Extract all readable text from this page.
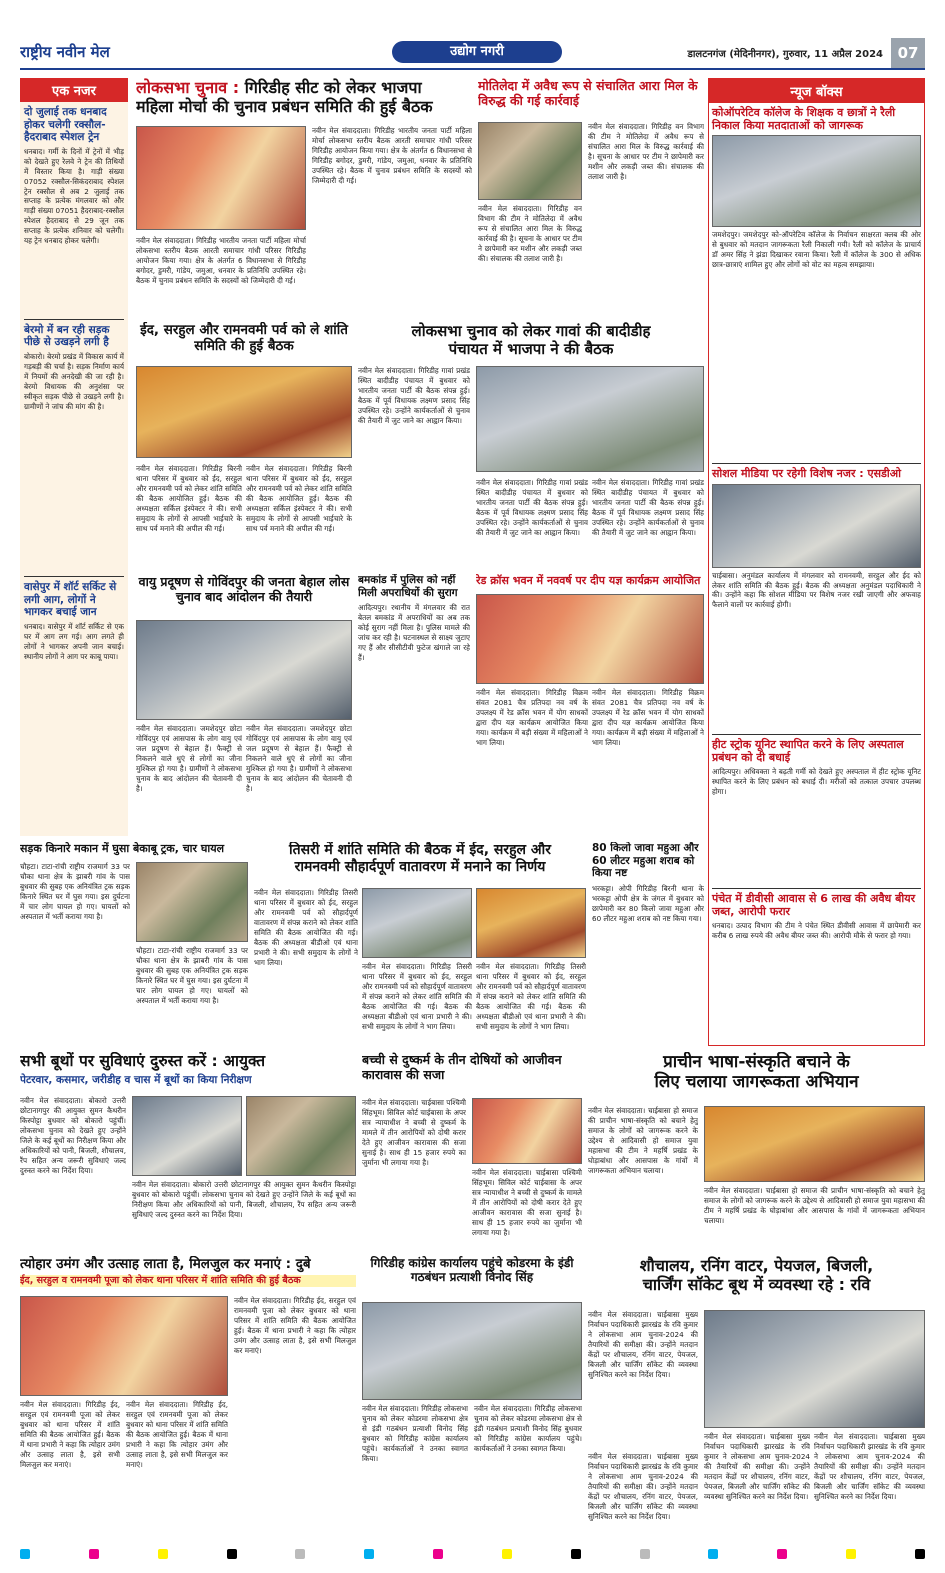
राष्ट्रीय नवीन मेल	उद्योग नगरी	डालटनगंज (मेदिनीनगर), गुरुवार, 11 अप्रैल 2024 07
एक नजर
दो जुलाई तक धनबाद होकर चलेगी रक्सौल-हैदराबाद स्पेशल ट्रेन
धनबाद। गर्मी के दिनों में ट्रेनों में भीड़ को देखते हुए रेलवे ने ट्रेन की तिथियों में विस्तार किया है। गाड़ी संख्या 07052 रक्सौल-सिकंदराबाद स्पेशल ट्रेन रक्सौल से अब 2 जुलाई तक सप्ताह के प्रत्येक मंगलवार को और गाड़ी संख्या 07051 हैदराबाद-रक्सौल स्पेशल हैदराबाद से 29 जून तक सप्ताह के प्रत्येक शनिवार को चलेगी। यह ट्रेन धनबाद होकर चलेगी।
बेरमो में बन रही सड़क पीछे से उखड़ने लगी है
बोकारो। बेरमो प्रखंड में विकास कार्य में गड़बड़ी की चर्चा है। सड़क निर्माण कार्य में नियमों की अनदेखी की जा रही है। बेरमो विधायक की अनुशंसा पर स्वीकृत सड़क पीछे से उखड़ने लगी है। ग्रामीणों ने जांच की मांग की है।
वासेपुर में शॉर्ट सर्किट से लगी आग, लोगों ने भागकर बचाई जान
धनबाद। वासेपुर में शॉर्ट सर्किट से एक घर में आग लग गई। आग लगते ही लोगों ने भागकर अपनी जान बचाई। स्थानीय लोगों ने आग पर काबू पाया।
लोकसभा चुनाव : गिरिडीह सीट को लेकर भाजपा
महिला मोर्चा की चुनाव प्रबंधन समिति की हुई बैठक
नवीन मेल संवाददाता। गिरिडीह भारतीय जनता पार्टी महिला मोर्चा लोकसभा स्तरीय बैठक आरती समाचार गांधी परिसर गिरिडीह आयोजन किया गया। क्षेत्र के अंतर्गत 6 विधानसभा से गिरिडीह बगोदर, डुमरी, गांडेय, जमुआ, धनवार के प्रतिनिधि उपस्थित रहे। बैठक में चुनाव प्रबंधन समिति के सदस्यों को जिम्मेदारी दी गई।
नवीन मेल संवाददाता। गिरिडीह भारतीय जनता पार्टी महिला मोर्चा लोकसभा स्तरीय बैठक आरती समाचार गांधी परिसर गिरिडीह आयोजन किया गया। क्षेत्र के अंतर्गत 6 विधानसभा से गिरिडीह बगोदर, डुमरी, गांडेय, जमुआ, धनवार के प्रतिनिधि उपस्थित रहे। बैठक में चुनाव प्रबंधन समिति के सदस्यों को जिम्मेदारी दी गई।
मोतिलेदा में अवैध रूप से संचालित आरा मिल के विरुद्ध की गई कार्रवाई
नवीन मेल संवाददाता। गिरिडीह वन विभाग की टीम ने मोतिलेदा में अवैध रूप से संचालित आरा मिल के विरुद्ध कार्रवाई की है। सूचना के आधार पर टीम ने छापेमारी कर मशीन और लकड़ी जब्त की। संचालक की तलाश जारी है।
नवीन मेल संवाददाता। गिरिडीह वन विभाग की टीम ने मोतिलेदा में अवैध रूप से संचालित आरा मिल के विरुद्ध कार्रवाई की है। सूचना के आधार पर टीम ने छापेमारी कर मशीन और लकड़ी जब्त की। संचालक की तलाश जारी है।
न्यूज बॉक्स
कोऑपरेटिव कॉलेज के शिक्षक व छात्रों ने रैली निकाल किया मतदाताओं को जागरूक
जमशेदपुर। जमशेदपुर को-ऑपरेटिव कॉलेज के निर्वाचन साक्षरता क्लब की ओर से बुधवार को मतदान जागरूकता रैली निकाली गयी। रैली को कॉलेज के प्राचार्य डॉ अमर सिंह ने झंडा दिखाकर रवाना किया। रैली में कॉलेज के 300 से अधिक छात्र-छात्राएं शामिल हुए और लोगों को वोट का महत्व समझाया।
सोशल मीडिया पर रहेगी विशेष नजर : एसडीओ
चाईबासा। अनुमंडल कार्यालय में मंगलवार को रामनवमी, सरहुल और ईद को लेकर शांति समिति की बैठक हुई। बैठक की अध्यक्षता अनुमंडल पदाधिकारी ने की। उन्होंने कहा कि सोशल मीडिया पर विशेष नजर रखी जाएगी और अफवाह फैलाने वालों पर कार्रवाई होगी।
हीट स्ट्रोक यूनिट स्थापित करने के लिए अस्पताल प्रबंधन को दी बधाई
आदित्यपुर। अधिवक्ता ने बढ़ती गर्मी को देखते हुए अस्पताल में हीट स्ट्रोक यूनिट स्थापित करने के लिए प्रबंधन को बधाई दी। मरीजों को तत्काल उपचार उपलब्ध होगा।
पंचेत में डीवीसी आवास से 6 लाख की अवैध बीयर जब्त, आरोपी फरार
धनबाद। उत्पाद विभाग की टीम ने पंचेत स्थित डीवीसी आवास में छापेमारी कर करीब 6 लाख रुपये की अवैध बीयर जब्त की। आरोपी मौके से फरार हो गया।
ईद, सरहुल और रामनवमी पर्व को ले शांति समिति की हुई बैठक
नवीन मेल संवाददाता। गिरिडीह बिरनी थाना परिसर में बुधवार को ईद, सरहुल और रामनवमी पर्व को लेकर शांति समिति की बैठक आयोजित हुई। बैठक की अध्यक्षता सर्किल इंस्पेक्टर ने की। सभी समुदाय के लोगों से आपसी भाईचारे के साथ पर्व मनाने की अपील की गई।
नवीन मेल संवाददाता। गिरिडीह बिरनी थाना परिसर में बुधवार को ईद, सरहुल और रामनवमी पर्व को लेकर शांति समिति की बैठक आयोजित हुई। बैठक की अध्यक्षता सर्किल इंस्पेक्टर ने की। सभी समुदाय के लोगों से आपसी भाईचारे के साथ पर्व मनाने की अपील की गई।
लोकसभा चुनाव को लेकर गावां की बादीडीह
पंचायत में भाजपा ने की बैठक
नवीन मेल संवाददाता। गिरिडीह गावां प्रखंड स्थित बादीडीह पंचायत में बुधवार को भारतीय जनता पार्टी की बैठक संपन्न हुई। बैठक में पूर्व विधायक लक्ष्मण प्रसाद सिंह उपस्थित रहे। उन्होंने कार्यकर्ताओं से चुनाव की तैयारी में जुट जाने का आह्वान किया।
नवीन मेल संवाददाता। गिरिडीह गावां प्रखंड स्थित बादीडीह पंचायत में बुधवार को भारतीय जनता पार्टी की बैठक संपन्न हुई। बैठक में पूर्व विधायक लक्ष्मण प्रसाद सिंह उपस्थित रहे। उन्होंने कार्यकर्ताओं से चुनाव की तैयारी में जुट जाने का आह्वान किया।
नवीन मेल संवाददाता। गिरिडीह गावां प्रखंड स्थित बादीडीह पंचायत में बुधवार को भारतीय जनता पार्टी की बैठक संपन्न हुई। बैठक में पूर्व विधायक लक्ष्मण प्रसाद सिंह उपस्थित रहे। उन्होंने कार्यकर्ताओं से चुनाव की तैयारी में जुट जाने का आह्वान किया।
वायु प्रदूषण से गोविंदपुर की जनता बेहाल लोस चुनाव बाद आंदोलन की तैयारी
नवीन मेल संवाददाता। जमशेदपुर छोटा गोविंदपुर एवं आसपास के लोग वायु एवं जल प्रदूषण से बेहाल हैं। फैक्ट्री से निकलने वाले धुएं से लोगों का जीना मुश्किल हो गया है। ग्रामीणों ने लोकसभा चुनाव के बाद आंदोलन की चेतावनी दी है।
नवीन मेल संवाददाता। जमशेदपुर छोटा गोविंदपुर एवं आसपास के लोग वायु एवं जल प्रदूषण से बेहाल हैं। फैक्ट्री से निकलने वाले धुएं से लोगों का जीना मुश्किल हो गया है। ग्रामीणों ने लोकसभा चुनाव के बाद आंदोलन की चेतावनी दी है।
बमकांड में पुलिस को नहीं मिली अपराधियों की सुराग
आदित्यपुर। रथानीय में मंगलवार की रात बेतल बमकांड में अपराधियों का अब तक कोई सुराग नहीं मिला है। पुलिस मामले की जांच कर रही है। घटनास्थल से साक्ष्य जुटाए गए हैं और सीसीटीवी फुटेज खंगाले जा रहे हैं।
रेड क्रॉस भवन में नववर्ष पर दीप यज्ञ कार्यक्रम आयोजित
नवीन मेल संवाददाता। गिरिडीह विक्रम संवत 2081 चैत्र प्रतिपदा नव वर्ष के उपलक्ष्य में रेड क्रॉस भवन में योग साधकों द्वारा दीप यज्ञ कार्यक्रम आयोजित किया गया। कार्यक्रम में बड़ी संख्या में महिलाओं ने भाग लिया।
नवीन मेल संवाददाता। गिरिडीह विक्रम संवत 2081 चैत्र प्रतिपदा नव वर्ष के उपलक्ष्य में रेड क्रॉस भवन में योग साधकों द्वारा दीप यज्ञ कार्यक्रम आयोजित किया गया। कार्यक्रम में बड़ी संख्या में महिलाओं ने भाग लिया।
सड़क किनारे मकान में घुसा बेकाबू ट्रक, चार घायल
चौहटा। टाटा-रांची राष्ट्रीय राजमार्ग 33 पर चौका थाना क्षेत्र के झाबरी गांव के पास बुधवार की सुबह एक अनियंत्रित ट्रक सड़क किनारे स्थित घर में घुस गया। इस दुर्घटना में चार लोग घायल हो गए। घायलों को अस्पताल में भर्ती कराया गया है।
चौहटा। टाटा-रांची राष्ट्रीय राजमार्ग 33 पर चौका थाना क्षेत्र के झाबरी गांव के पास बुधवार की सुबह एक अनियंत्रित ट्रक सड़क किनारे स्थित घर में घुस गया। इस दुर्घटना में चार लोग घायल हो गए। घायलों को अस्पताल में भर्ती कराया गया है।
तिसरी में शांति समिति की बैठक में ईद, सरहुल और
रामनवमी सौहार्दपूर्ण वातावरण में मनाने का निर्णय
नवीन मेल संवाददाता। गिरिडीह तिसरी थाना परिसर में बुधवार को ईद, सरहुल और रामनवमी पर्व को सौहार्दपूर्ण वातावरण में संपन्न कराने को लेकर शांति समिति की बैठक आयोजित की गई। बैठक की अध्यक्षता बीडीओ एवं थाना प्रभारी ने की। सभी समुदाय के लोगों ने भाग लिया।	नवीन मेल संवाददाता। गिरिडीह तिसरी थाना परिसर में बुधवार को ईद, सरहुल और रामनवमी पर्व को सौहार्दपूर्ण वातावरण में संपन्न कराने को लेकर शांति समिति की बैठक आयोजित की गई। बैठक की अध्यक्षता बीडीओ एवं थाना प्रभारी ने की। सभी समुदाय के लोगों ने भाग लिया।
नवीन मेल संवाददाता। गिरिडीह तिसरी थाना परिसर में बुधवार को ईद, सरहुल और रामनवमी पर्व को सौहार्दपूर्ण वातावरण में संपन्न कराने को लेकर शांति समिति की बैठक आयोजित की गई। बैठक की अध्यक्षता बीडीओ एवं थाना प्रभारी ने की। सभी समुदाय के लोगों ने भाग लिया।
80 किलो जावा महुआ और 60 लीटर महुआ शराब को किया नष्ट
भरकट्टा। ओपी गिरिडीह बिरनी थाना के भरकट्टा ओपी क्षेत्र के जंगल में बुधवार को छापेमारी कर 80 किलो जावा महुआ और 60 लीटर महुआ शराब को नष्ट किया गया।
सभी बूथों पर सुविधाएं दुरुस्त करें : आयुक्त
पेटरवार, कसमार, जरीडीह व चास में बूथों का किया निरीक्षण
नवीन मेल संवाददाता। बोकारो उत्तरी छोटानागपुर की आयुक्त सुमन कैथरीन किस्पोट्टा बुधवार को बोकारो पहुंचीं। लोकसभा चुनाव को देखते हुए उन्होंने जिले के कई बूथों का निरीक्षण किया और अधिकारियों को पानी, बिजली, शौचालय, रैंप सहित अन्य जरूरी सुविधाएं जल्द दुरुस्त करने का निर्देश दिया।
नवीन मेल संवाददाता। बोकारो उत्तरी छोटानागपुर की आयुक्त सुमन कैथरीन किस्पोट्टा बुधवार को बोकारो पहुंचीं। लोकसभा चुनाव को देखते हुए उन्होंने जिले के कई बूथों का निरीक्षण किया और अधिकारियों को पानी, बिजली, शौचालय, रैंप सहित अन्य जरूरी सुविधाएं जल्द दुरुस्त करने का निर्देश दिया।
बच्ची से दुष्कर्म के तीन दोषियों को आजीवन कारावास की सजा
नवीन मेल संवाददाता। चाईबासा पश्चिमी सिंहभूम। सिविल कोर्ट चाईबासा के अपर सत्र न्यायाधीश ने बच्ची से दुष्कर्म के मामले में तीन आरोपियों को दोषी करार देते हुए आजीवन कारावास की सजा सुनाई है। साथ ही 15 हजार रुपये का जुर्माना भी लगाया गया है।
नवीन मेल संवाददाता। चाईबासा पश्चिमी सिंहभूम। सिविल कोर्ट चाईबासा के अपर सत्र न्यायाधीश ने बच्ची से दुष्कर्म के मामले में तीन आरोपियों को दोषी करार देते हुए आजीवन कारावास की सजा सुनाई है। साथ ही 15 हजार रुपये का जुर्माना भी लगाया गया है।
प्राचीन भाषा-संस्कृति बचाने के
लिए चलाया जागरूकता अभियान
नवीन मेल संवाददाता। चाईबासा हो समाज की प्राचीन भाषा-संस्कृति को बचाने हेतु समाज के लोगों को जागरूक करने के उद्देश्य से आदिवासी हो समाज युवा महासभा की टीम ने महर्षि प्रखंड के घोड़ाबांधा और आसपास के गांवों में जागरूकता अभियान चलाया।
नवीन मेल संवाददाता। चाईबासा हो समाज की प्राचीन भाषा-संस्कृति को बचाने हेतु समाज के लोगों को जागरूक करने के उद्देश्य से आदिवासी हो समाज युवा महासभा की टीम ने महर्षि प्रखंड के घोड़ाबांधा और आसपास के गांवों में जागरूकता अभियान चलाया।
त्योहार उमंग और उत्साह लाता है, मिलजुल कर मनाएं : दुबे
ईद, सरहुल व रामनवमी पूजा को लेकर थाना परिसर में शांति समिति की हुई बैठक
नवीन मेल संवाददाता। गिरिडीह ईद, सरहुल एवं रामनवमी पूजा को लेकर बुधवार को थाना परिसर में शांति समिति की बैठक आयोजित हुई। बैठक में थाना प्रभारी ने कहा कि त्योहार उमंग और उत्साह लाता है, इसे सभी मिलजुल कर मनाएं।
नवीन मेल संवाददाता। गिरिडीह ईद, सरहुल एवं रामनवमी पूजा को लेकर बुधवार को थाना परिसर में शांति समिति की बैठक आयोजित हुई। बैठक में थाना प्रभारी ने कहा कि त्योहार उमंग और उत्साह लाता है, इसे सभी मिलजुल कर मनाएं।
नवीन मेल संवाददाता। गिरिडीह ईद, सरहुल एवं रामनवमी पूजा को लेकर बुधवार को थाना परिसर में शांति समिति की बैठक आयोजित हुई। बैठक में थाना प्रभारी ने कहा कि त्योहार उमंग और उत्साह लाता है, इसे सभी मिलजुल कर मनाएं।
गिरिडीह कांग्रेस कार्यालय पहुंचे कोडरमा के इंडी गठबंधन प्रत्याशी विनोद सिंह
नवीन मेल संवाददाता। गिरिडीह लोकसभा चुनाव को लेकर कोडरमा लोकसभा क्षेत्र से इंडी गठबंधन प्रत्याशी विनोद सिंह बुधवार को गिरिडीह कांग्रेस कार्यालय पहुंचे। कार्यकर्ताओं ने उनका स्वागत किया।
नवीन मेल संवाददाता। गिरिडीह लोकसभा चुनाव को लेकर कोडरमा लोकसभा क्षेत्र से इंडी गठबंधन प्रत्याशी विनोद सिंह बुधवार को गिरिडीह कांग्रेस कार्यालय पहुंचे। कार्यकर्ताओं ने उनका स्वागत किया।
शौचालय, रनिंग वाटर, पेयजल, बिजली,
चार्जिंग सॉकेट बूथ में व्यवस्था रहे : रवि
नवीन मेल संवाददाता। चाईबासा मुख्य निर्वाचन पदाधिकारी झारखंड के रवि कुमार ने लोकसभा आम चुनाव-2024 की तैयारियों की समीक्षा की। उन्होंने मतदान केंद्रों पर शौचालय, रनिंग वाटर, पेयजल, बिजली और चार्जिंग सॉकेट की व्यवस्था सुनिश्चित करने का निर्देश दिया।
नवीन मेल संवाददाता। चाईबासा मुख्य निर्वाचन पदाधिकारी झारखंड के रवि कुमार ने लोकसभा आम चुनाव-2024 की तैयारियों की समीक्षा की। उन्होंने मतदान केंद्रों पर शौचालय, रनिंग वाटर, पेयजल, बिजली और चार्जिंग सॉकेट की व्यवस्था सुनिश्चित करने का निर्देश दिया।
नवीन मेल संवाददाता। चाईबासा मुख्य निर्वाचन पदाधिकारी झारखंड के रवि कुमार ने लोकसभा आम चुनाव-2024 की तैयारियों की समीक्षा की। उन्होंने मतदान केंद्रों पर शौचालय, रनिंग वाटर, पेयजल, बिजली और चार्जिंग सॉकेट की व्यवस्था सुनिश्चित करने का निर्देश दिया।
नवीन मेल संवाददाता। चाईबासा मुख्य निर्वाचन पदाधिकारी झारखंड के रवि कुमार ने लोकसभा आम चुनाव-2024 की तैयारियों की समीक्षा की। उन्होंने मतदान केंद्रों पर शौचालय, रनिंग वाटर, पेयजल, बिजली और चार्जिंग सॉकेट की व्यवस्था सुनिश्चित करने का निर्देश दिया।
